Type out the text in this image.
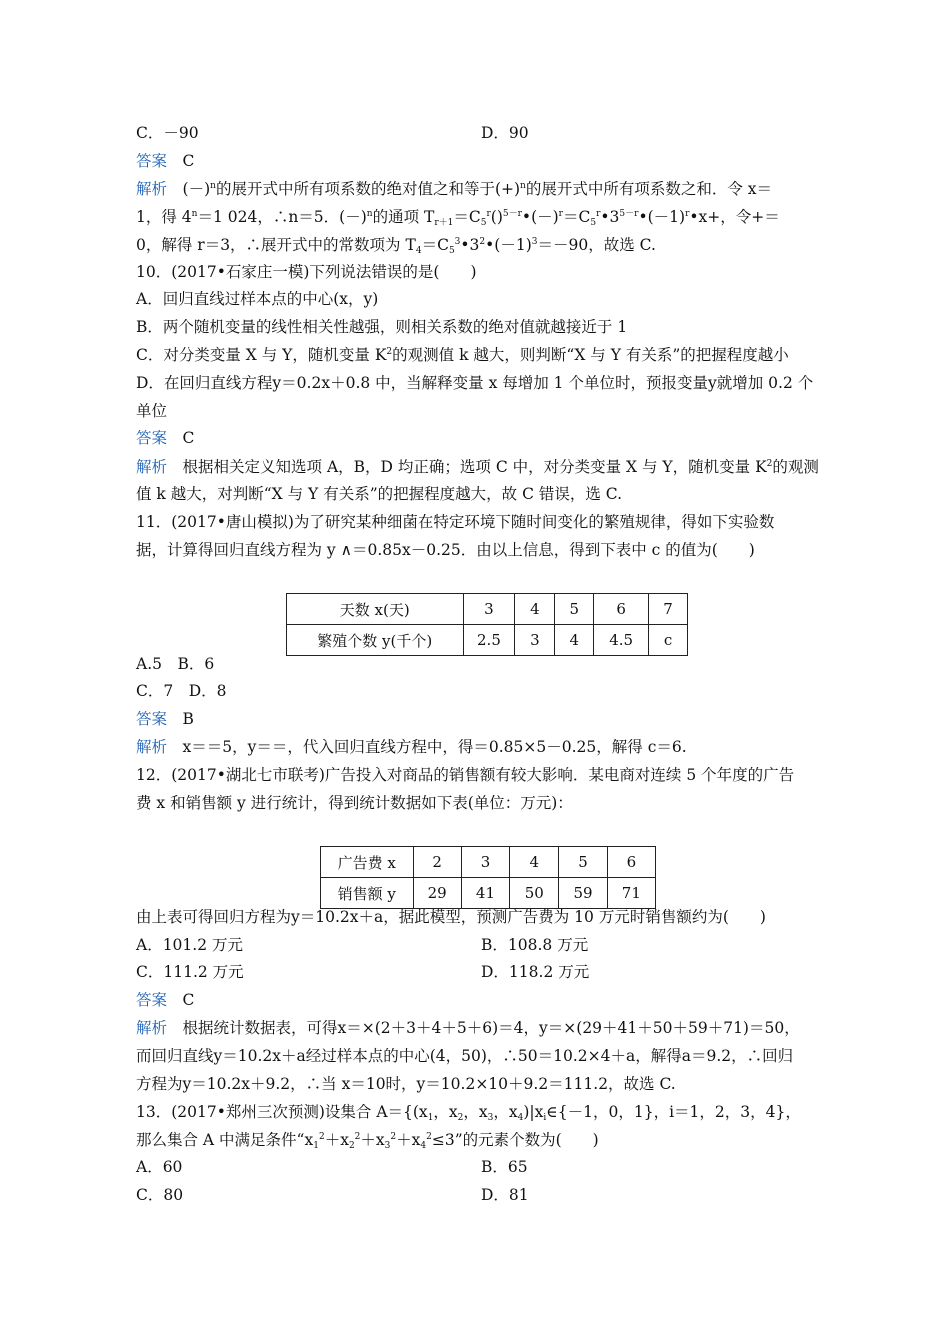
C．－90	D．90
答案　 C
解析　 $(-)^n$的展开式中所有项系数的绝对值之和等于$(+)^n$的展开式中所有项系数之和．令 x＝
1，得 $4^n=1$ 024，∴n＝5．$(-)^n$的通项 $T_{r+1}=C_5^r()^{5-r}•(-)^r=C_5^r•3^{5-r}•(-1)^r•x+$，令+＝
0，解得 r＝3，∴展开式中的常数项为 $T_4=C_5^3•3^2•(-1)^3=-90$，故选 C.
10．(2017•石家庄一模)下列说法错误的是(　　)
A．回归直线过样本点的中心(x，y)
B．两个随机变量的线性相关性越强，则相关系数的绝对值就越接近于 1
C．对分类变量 X 与 Y，随机变量 $K^2$的观测值 k 越大，则判断“X 与 Y 有关系”的把握程度越小
D．在回归直线方程y＝0.2x＋0.8 中，当解释变量 x 每增加 1 个单位时，预报变量y就增加 0.2 个
单位
答案　 C
解析　 根据相关定义知选项 A，B，D 均正确；选项 C 中，对分类变量 X 与 Y，随机变量 $K^2$的观测
值 k 越大，对判断“X 与 Y 有关系”的把握程度越大，故 C 错误，选 C.
11．(2017•唐山模拟)为了研究某种细菌在特定环境下随时间变化的繁殖规律，得如下实验数
据，计算得回归直线方程为 y ∧＝0.85x－0.25．由以上信息，得到下表中 c 的值为(　　)
天数 x(天)	3	4	5	6	7
繁殖个数 y(千个)	2.5	3	4	4.5	c
A.5　B．6
C．7　D．8
答案　 B
解析　 x＝＝5，y＝＝，代入回归直线方程中，得＝0.85×5－0.25，解得 c＝6.
12．(2017•湖北七市联考)广告投入对商品的销售额有较大影响．某电商对连续 5 个年度的广告
费 x 和销售额 y 进行统计，得到统计数据如下表(单位：万元)：
广告费 x	2	3	4	5	6
销售额 y	29	41	50	59	71
由上表可得回归方程为y＝10.2x＋a，据此模型，预测广告费为 10 万元时销售额约为(　　)
A．101.2 万元	B．108.8 万元
C．111.2 万元	D．118.2 万元
答案　 C
解析　 根据统计数据表，可得x＝×(2＋3＋4＋5＋6)＝4，y＝×(29＋41＋50＋59＋71)＝50，
而回归直线y＝10.2x＋a经过样本点的中心(4，50)，∴50＝10.2×4＋a，解得a＝9.2，∴回归
方程为y＝10.2x＋9.2，∴当 x＝10时，y＝10.2×10＋9.2＝111.2，故选 C.
13．(2017•郑州三次预测)设集合 $A=\{(x_1$，$x_2$，$x_3$，$x_4)|x_i\in\{-1$，0，1}，i＝1，2，3，4}，
那么集合 A 中满足条件“$x_1^2+x_2^2+x_3^2+x_4^2\le 3$”的元素个数为(　　)
A．60	B．65
C．80	D．81
